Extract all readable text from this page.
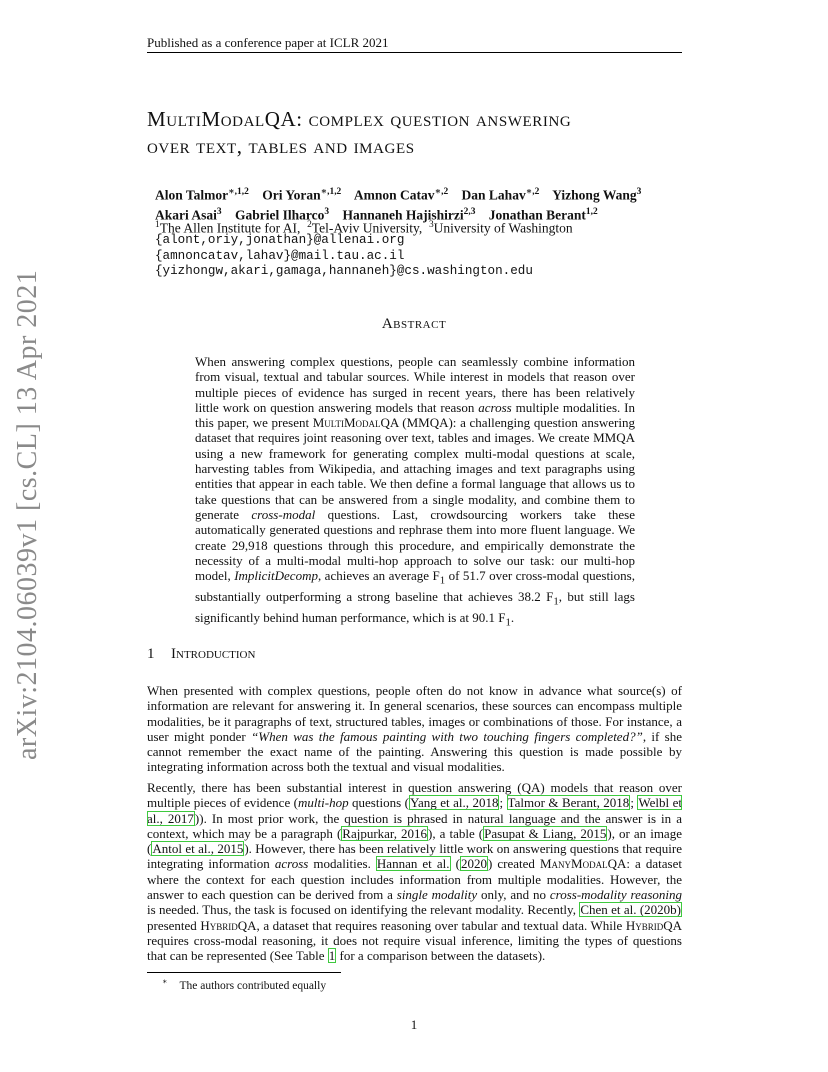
Published as a conference paper at ICLR 2021
arXiv:2104.06039v1 [cs.CL] 13 Apr 2021
MultiModalQA: complex question answering
over text, tables and images
Alon Talmor$^{∗,1,2}$ Ori Yoran$^{∗,1,2}$ Amnon Catav$^{∗,2}$ Dan Lahav$^{∗,2}$ Yizhong Wang$^3$
Akari Asai$^3$ Gabriel Ilharco$^3$ Hannaneh Hajishirzi$^{2,3}$ Jonathan Berant$^{1,2}$
$^1$The Allen Institute for AI, $^2$Tel-Aviv University, $^3$University of Washington
{alont,oriy,jonathan}@allenai.org
{amnoncatav,lahav}@mail.tau.ac.il
{yizhongw,akari,gamaga,hannaneh}@cs.washington.edu
Abstract
When answering complex questions, people can seamlessly combine information from visual, textual and tabular sources. While interest in models that reason over multiple pieces of evidence has surged in recent years, there has been relatively little work on question answering models that reason across multiple modalities. In this paper, we present MultiModalQA (MMQA): a challenging question answering dataset that requires joint reasoning over text, tables and images. We create MMQA using a new framework for generating complex multi-modal questions at scale, harvesting tables from Wikipedia, and attaching images and text paragraphs using entities that appear in each table. We then define a formal language that allows us to take questions that can be answered from a single modality, and combine them to generate cross-modal questions. Last, crowdsourcing workers take these automatically generated questions and rephrase them into more fluent language. We create 29,918 questions through this procedure, and empirically demonstrate the necessity of a multi-modal multi-hop approach to solve our task: our multi-hop model, ImplicitDecomp, achieves an average $F_1$ of 51.7 over cross-modal questions, substantially outperforming a strong baseline that achieves 38.2 $F_1$, but still lags significantly behind human performance, which is at 90.1 $F_1$.
1 Introduction
When presented with complex questions, people often do not know in advance what source(s) of information are relevant for answering it. In general scenarios, these sources can encompass multiple modalities, be it paragraphs of text, structured tables, images or combinations of those. For instance, a user might ponder “When was the famous painting with two touching fingers completed?”, if she cannot remember the exact name of the painting. Answering this question is made possible by integrating information across both the textual and visual modalities.
Recently, there has been substantial interest in question answering (QA) models that reason over multiple pieces of evidence (multi-hop questions (Yang et al., 2018; Talmor & Berant, 2018; Welbl et al., 2017)). In most prior work, the question is phrased in natural language and the answer is in a context, which may be a paragraph (Rajpurkar, 2016), a table (Pasupat & Liang, 2015), or an image (Antol et al., 2015). However, there has been relatively little work on answering questions that require integrating information across modalities. Hannan et al. (2020) created ManyModalQA: a dataset where the context for each question includes information from multiple modalities. However, the answer to each question can be derived from a single modality only, and no cross-modality reasoning is needed. Thus, the task is focused on identifying the relevant modality. Recently, Chen et al. (2020b) presented HybridQA, a dataset that requires reasoning over tabular and textual data. While HybridQA requires cross-modal reasoning, it does not require visual inference, limiting the types of questions that can be represented (See Table 1 for a comparison between the datasets).
∗ The authors contributed equally
1
